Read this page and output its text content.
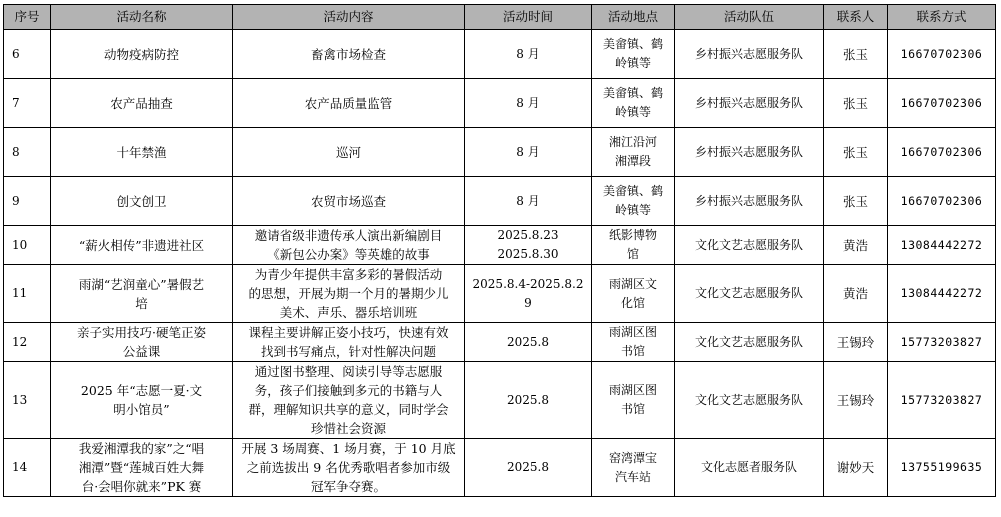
序号	活动名称	活动内容	活动时间	活动地点	活动队伍	联系人	联系方式
6	动物疫病防控	畜禽市场检查	8 月	美畲镇、鹤
岭镇等	乡村振兴志愿服务队	张玉	16670702306
7	农产品抽查	农产品质量监管	8 月	美畲镇、鹤
岭镇等	乡村振兴志愿服务队	张玉	16670702306
8	十年禁渔	巡河	8 月	湘江沿河
湘潭段	乡村振兴志愿服务队	张玉	16670702306
9	创文创卫	农贸市场巡查	8 月	美畲镇、鹤
岭镇等	乡村振兴志愿服务队	张玉	16670702306
10	“薪火相传”非遗进社区	邀请省级非遗传承人演出新编剧目
《新包公办案》等英雄的故事	2025.8.23
2025.8.30	纸影博物
馆	文化文艺志愿服务队	黄浩	13084442272
11	雨湖“艺润童心”暑假艺
培	为青少年提供丰富多彩的暑假活动
的思想，开展为期一个月的暑期少儿
美术、声乐、器乐培训班	2025.8.4-2025.8.2
9	雨湖区文
化馆	文化文艺志愿服务队	黄浩	13084442272
12	亲子实用技巧·硬笔正姿
公益课	课程主要讲解正姿小技巧，快速有效
找到书写痛点，针对性解决问题	2025.8	雨湖区图
书馆	文化文艺志愿服务队	王锡玲	15773203827
13	2025 年“志愿一夏·文
明小馆员”	通过图书整理、阅读引导等志愿服
务，孩子们接触到多元的书籍与人
群，理解知识共享的意义，同时学会
珍惜社会资源	2025.8	雨湖区图
书馆	文化文艺志愿服务队	王锡玲	15773203827
14	我爱湘潭我的家”之“唱
湘潭”暨“莲城百姓大舞
台·会唱你就来”PK 赛	开展 3 场周赛、1 场月赛，于 10 月底
之前选拔出 9 名优秀歌唱者参加市级
冠军争夺赛。	2025.8	窑湾潭宝
汽车站	文化志愿者服务队	谢妙天	13755199635
